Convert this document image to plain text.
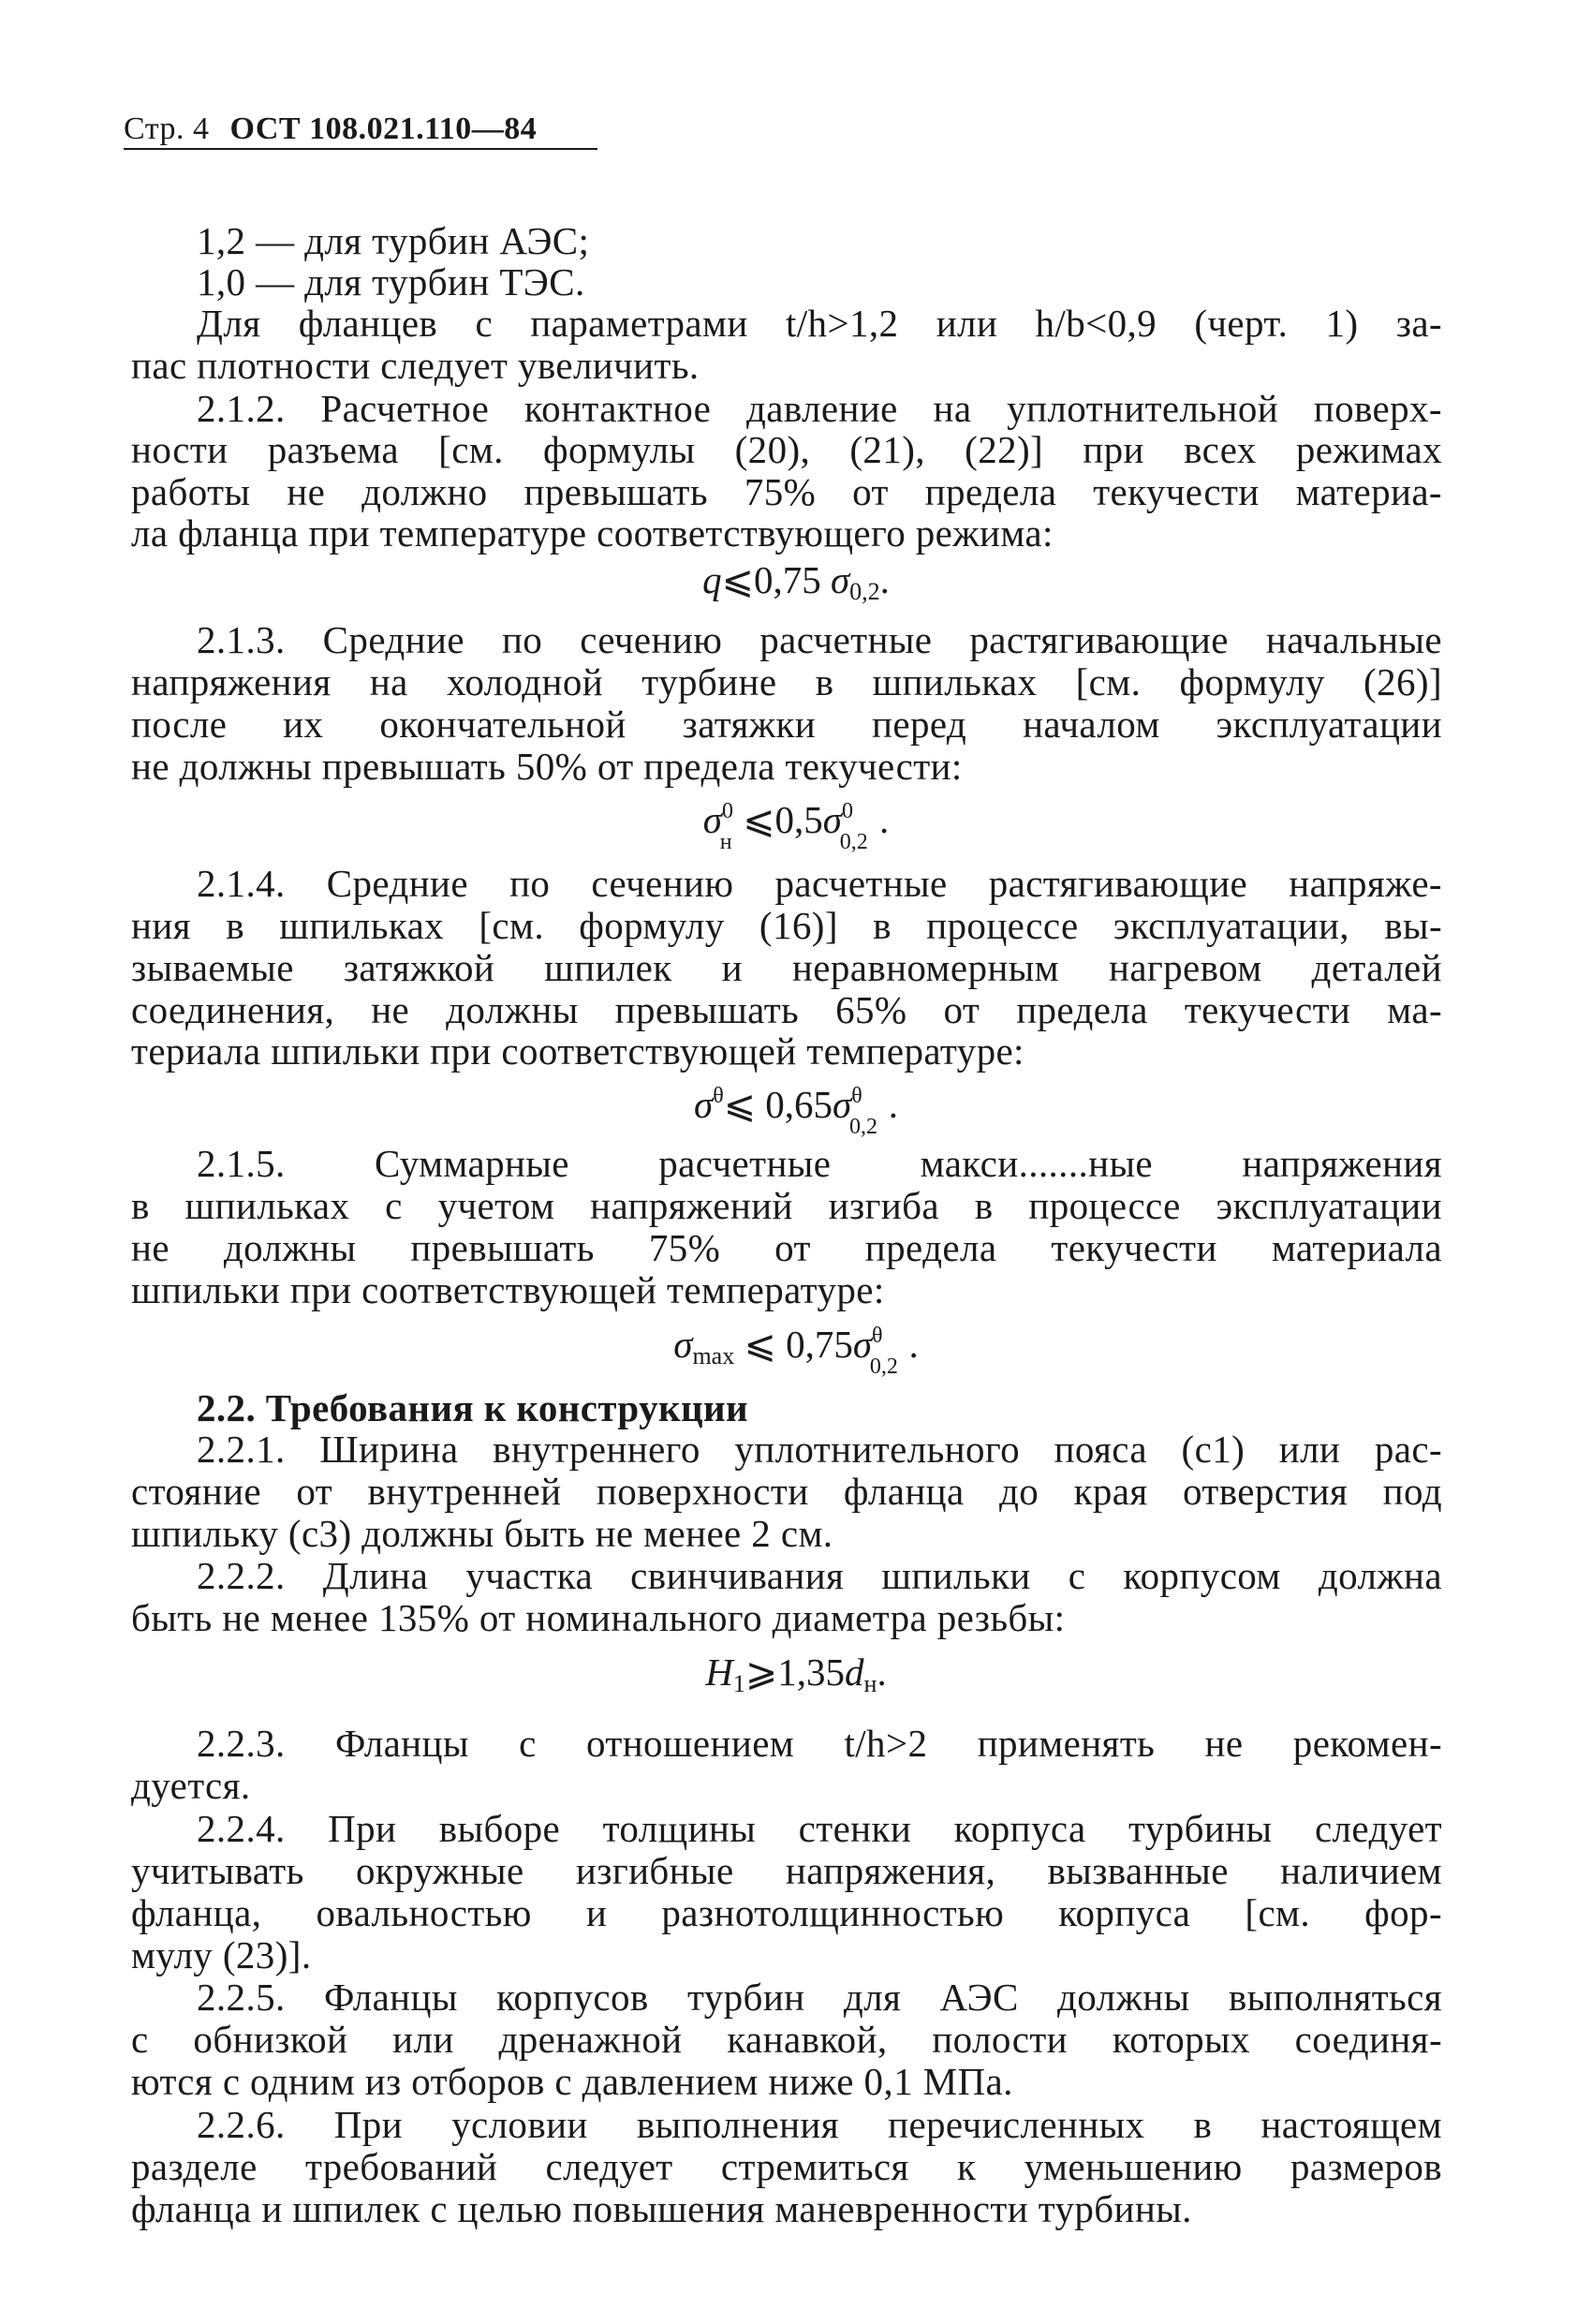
Стр. 4 ОСТ 108.021.110—84
1,2 — для турбин АЭС;
1,0 — для турбин ТЭС.
Для фланцев с параметрами t/h>1,2 или h/b<0,9 (черт. 1) за-
пас плотности следует увеличить.
2.1.2. Расчетное контактное давление на уплотнительной поверх-
ности разъема [см. формулы (20), (21), (22)] при всех режимах
работы не должно превышать 75% от предела текучести материа-
ла фланца при температуре соответствующего режима:
q⩽0,75 $\sigma_{0,2}$.
2.1.3. Средние по сечению расчетные растягивающие начальные
напряжения на холодной турбине в шпильках [см. формулу (26)]
после их окончательной затяжки перед началом эксплуатации
не должны превышать 50% от предела текучести:
$\sigma^0$
н
$⩽0,5\sigma^0$
0,2
.
2.1.4. Средние по сечению расчетные растягивающие напряже-
ния в шпильках [см. формулу (16)] в процессе эксплуатации, вы-
зываемые затяжкой шпилек и неравномерным нагревом деталей
соединения, не должны превышать 65% от предела текучести ма-
териала шпильки при соответствующей температуре:
$\sigma^\theta⩽$ $0,65\sigma^\theta$
0,2
.
2.1.5. Суммарные расчетные макси.......ные напряжения
в шпильках с учетом напряжений изгиба в процессе эксплуатации
не должны превышать 75% от предела текучести материала
шпильки при соответствующей температуре:
$\sigma_{max}$ ⩽ $0,75\sigma^\theta$
0,2
.
2.2. Требования к конструкции
2.2.1. Ширина внутреннего уплотнительного пояса (c1) или рас-
стояние от внутренней поверхности фланца до края отверстия под
шпильку (c3) должны быть не менее 2 см.
2.2.2. Длина участка свинчивания шпильки с корпусом должна
быть не менее 135% от номинального диаметра резьбы:
$H_1⩾1,35d_н$.
2.2.3. Фланцы с отношением t/h>2 применять не рекомен-
дуется.
2.2.4. При выборе толщины стенки корпуса турбины следует
учитывать окружные изгибные напряжения, вызванные наличием
фланца, овальностью и разнотолщинностью корпуса [см. фор-
мулу (23)].
2.2.5. Фланцы корпусов турбин для АЭС должны выполняться
с обнизкой или дренажной канавкой, полости которых соединя-
ются с одним из отборов с давлением ниже 0,1 МПа.
2.2.6. При условии выполнения перечисленных в настоящем
разделе требований следует стремиться к уменьшению размеров
фланца и шпилек с целью повышения маневренности турбины.
